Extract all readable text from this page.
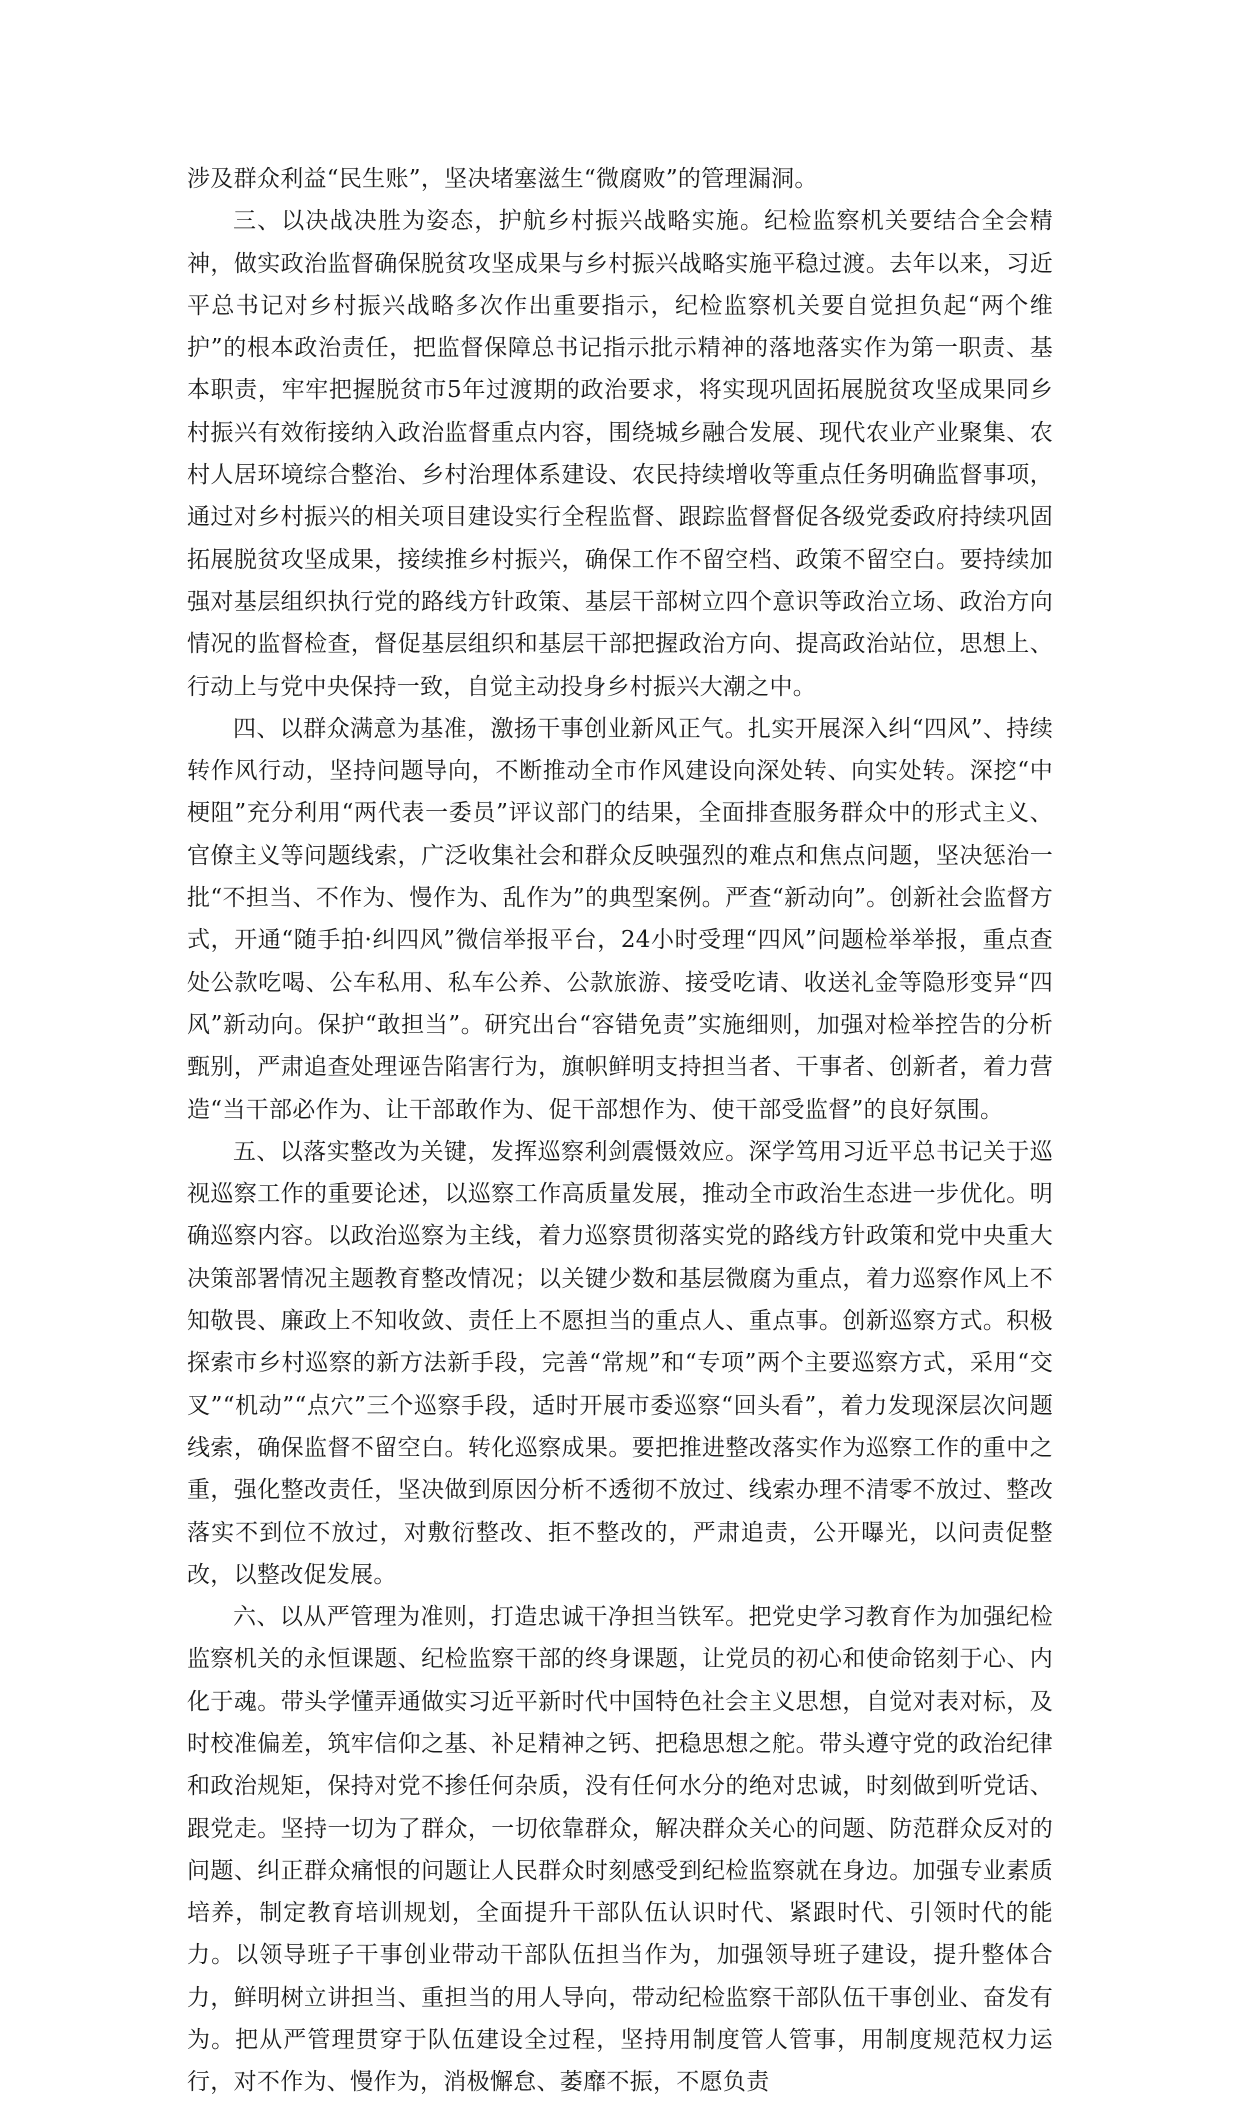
涉及群众利益“民生账”，坚决堵塞滋生“微腐败”的管理漏洞。

三、以决战决胜为姿态，护航乡村振兴战略实施。纪检监察机关要结合全会精神，做实政治监督确保脱贫攻坚成果与乡村振兴战略实施平稳过渡。去年以来，习近平总书记对乡村振兴战略多次作出重要指示，纪检监察机关要自觉担负起“两个维护”的根本政治责任，把监督保障总书记指示批示精神的落地落实作为第一职责、基本职责，牢牢把握脱贫市5年过渡期的政治要求，将实现巩固拓展脱贫攻坚成果同乡村振兴有效衔接纳入政治监督重点内容，围绕城乡融合发展、现代农业产业聚集、农村人居环境综合整治、乡村治理体系建设、农民持续增收等重点任务明确监督事项，通过对乡村振兴的相关项目建设实行全程监督、跟踪监督督促各级党委政府持续巩固拓展脱贫攻坚成果，接续推乡村振兴，确保工作不留空档、政策不留空白。要持续加强对基层组织执行党的路线方针政策、基层干部树立四个意识等政治立场、政治方向情况的监督检查，督促基层组织和基层干部把握政治方向、提高政治站位，思想上、行动上与党中央保持一致，自觉主动投身乡村振兴大潮之中。

四、以群众满意为基准，激扬干事创业新风正气。扎实开展深入纠“四风”、持续转作风行动，坚持问题导向，不断推动全市作风建设向深处转、向实处转。深挖“中梗阻”充分利用“两代表一委员”评议部门的结果，全面排查服务群众中的形式主义、官僚主义等问题线索，广泛收集社会和群众反映强烈的难点和焦点问题，坚决惩治一批“不担当、不作为、慢作为、乱作为”的典型案例。严查“新动向”。创新社会监督方式，开通“随手拍·纠四风”微信举报平台，24小时受理“四风”问题检举举报，重点查处公款吃喝、公车私用、私车公养、公款旅游、接受吃请、收送礼金等隐形变异“四风”新动向。保护“敢担当”。研究出台“容错免责”实施细则，加强对检举控告的分析甄别，严肃追查处理诬告陷害行为，旗帜鲜明支持担当者、干事者、创新者，着力营造“当干部必作为、让干部敢作为、促干部想作为、使干部受监督”的良好氛围。

五、以落实整改为关键，发挥巡察利剑震慑效应。深学笃用习近平总书记关于巡视巡察工作的重要论述，以巡察工作高质量发展，推动全市政治生态进一步优化。明确巡察内容。以政治巡察为主线，着力巡察贯彻落实党的路线方针政策和党中央重大决策部署情况主题教育整改情况；以关键少数和基层微腐为重点，着力巡察作风上不知敬畏、廉政上不知收敛、责任上不愿担当的重点人、重点事。创新巡察方式。积极探索市乡村巡察的新方法新手段，完善“常规”和“专项”两个主要巡察方式，采用“交叉”“机动”“点穴”三个巡察手段，适时开展市委巡察“回头看”，着力发现深层次问题线索，确保监督不留空白。转化巡察成果。要把推进整改落实作为巡察工作的重中之重，强化整改责任，坚决做到原因分析不透彻不放过、线索办理不清零不放过、整改落实不到位不放过，对敷衍整改、拒不整改的，严肃追责，公开曝光，以问责促整改，以整改促发展。

六、以从严管理为准则，打造忠诚干净担当铁军。把党史学习教育作为加强纪检监察机关的永恒课题、纪检监察干部的终身课题，让党员的初心和使命铭刻于心、内化于魂。带头学懂弄通做实习近平新时代中国特色社会主义思想，自觉对表对标，及时校准偏差，筑牢信仰之基、补足精神之钙、把稳思想之舵。带头遵守党的政治纪律和政治规矩，保持对党不掺任何杂质，没有任何水分的绝对忠诚，时刻做到听党话、跟党走。坚持一切为了群众，一切依靠群众，解决群众关心的问题、防范群众反对的问题、纠正群众痛恨的问题让人民群众时刻感受到纪检监察就在身边。加强专业素质培养，制定教育培训规划，全面提升干部队伍认识时代、紧跟时代、引领时代的能力。以领导班子干事创业带动干部队伍担当作为，加强领导班子建设，提升整体合力，鲜明树立讲担当、重担当的用人导向，带动纪检监察干部队伍干事创业、奋发有为。把从严管理贯穿于队伍建设全过程，坚持用制度管人管事，用制度规范权力运行，对不作为、慢作为，消极懈怠、萎靡不振，不愿负责
